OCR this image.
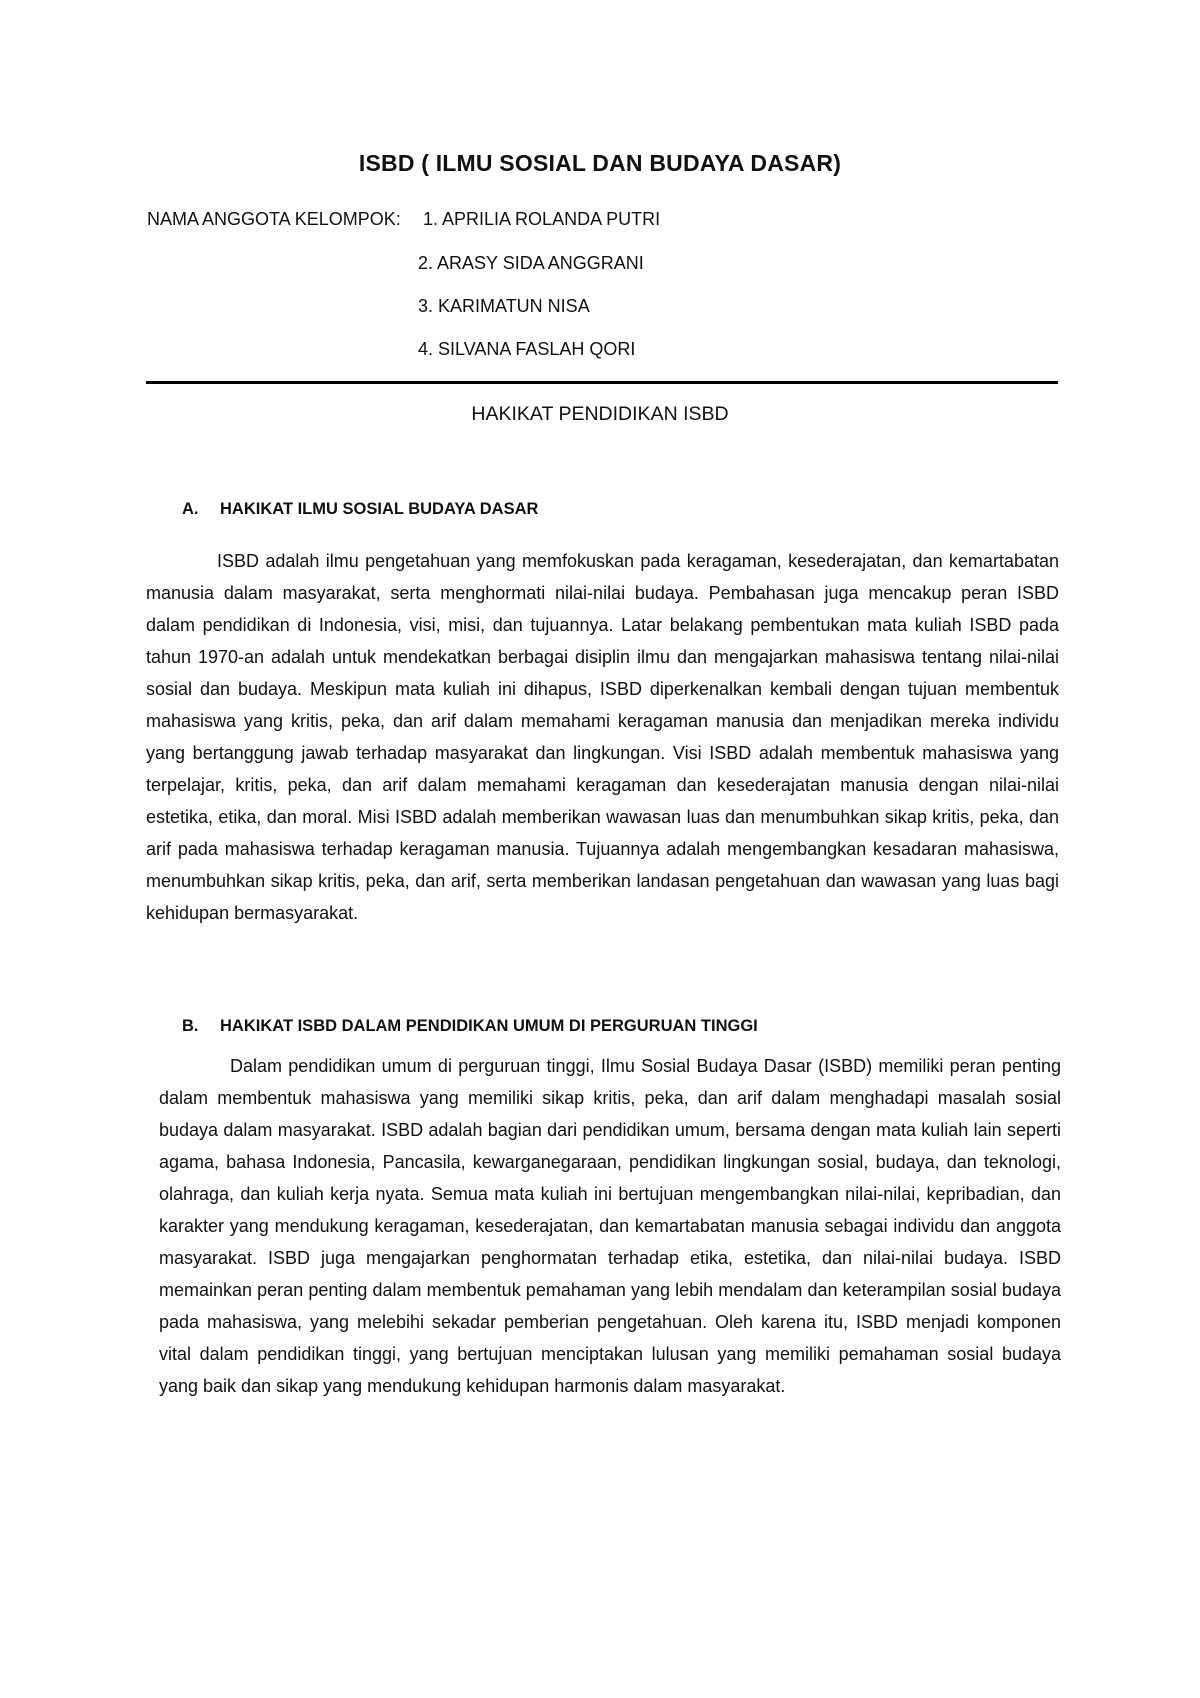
ISBD ( ILMU SOSIAL DAN BUDAYA DASAR)
NAMA ANGGOTA KELOMPOK: 1. APRILIA ROLANDA PUTRI
2. ARASY SIDA ANGGRANI
3. KARIMATUN NISA
4. SILVANA FASLAH QORI
HAKIKAT PENDIDIKAN ISBD
A. HAKIKAT ILMU SOSIAL BUDAYA DASAR

ISBD adalah ilmu pengetahuan yang memfokuskan pada keragaman, kesederajatan, dan kemartabatan manusia dalam masyarakat, serta menghormati nilai-nilai budaya. Pembahasan juga mencakup peran ISBD dalam pendidikan di Indonesia, visi, misi, dan tujuannya. Latar belakang pembentukan mata kuliah ISBD pada tahun 1970-an adalah untuk mendekatkan berbagai disiplin ilmu dan mengajarkan mahasiswa tentang nilai-nilai sosial dan budaya. Meskipun mata kuliah ini dihapus, ISBD diperkenalkan kembali dengan tujuan membentuk mahasiswa yang kritis, peka, dan arif dalam memahami keragaman manusia dan menjadikan mereka individu yang bertanggung jawab terhadap masyarakat dan lingkungan. Visi ISBD adalah membentuk mahasiswa yang terpelajar, kritis, peka, dan arif dalam memahami keragaman dan kesederajatan manusia dengan nilai-nilai estetika, etika, dan moral. Misi ISBD adalah memberikan wawasan luas dan menumbuhkan sikap kritis, peka, dan arif pada mahasiswa terhadap keragaman manusia. Tujuannya adalah mengembangkan kesadaran mahasiswa, menumbuhkan sikap kritis, peka, dan arif, serta memberikan landasan pengetahuan dan wawasan yang luas bagi kehidupan bermasyarakat.

B. HAKIKAT ISBD DALAM PENDIDIKAN UMUM DI PERGURUAN TINGGI

Dalam pendidikan umum di perguruan tinggi, Ilmu Sosial Budaya Dasar (ISBD) memiliki peran penting dalam membentuk mahasiswa yang memiliki sikap kritis, peka, dan arif dalam menghadapi masalah sosial budaya dalam masyarakat. ISBD adalah bagian dari pendidikan umum, bersama dengan mata kuliah lain seperti agama, bahasa Indonesia, Pancasila, kewarganegaraan, pendidikan lingkungan sosial, budaya, dan teknologi, olahraga, dan kuliah kerja nyata. Semua mata kuliah ini bertujuan mengembangkan nilai-nilai, kepribadian, dan karakter yang mendukung keragaman, kesederajatan, dan kemartabatan manusia sebagai individu dan anggota masyarakat. ISBD juga mengajarkan penghormatan terhadap etika, estetika, dan nilai-nilai budaya. ISBD memainkan peran penting dalam membentuk pemahaman yang lebih mendalam dan keterampilan sosial budaya pada mahasiswa, yang melebihi sekadar pemberian pengetahuan. Oleh karena itu, ISBD menjadi komponen vital dalam pendidikan tinggi, yang bertujuan menciptakan lulusan yang memiliki pemahaman sosial budaya yang baik dan sikap yang mendukung kehidupan harmonis dalam masyarakat.
